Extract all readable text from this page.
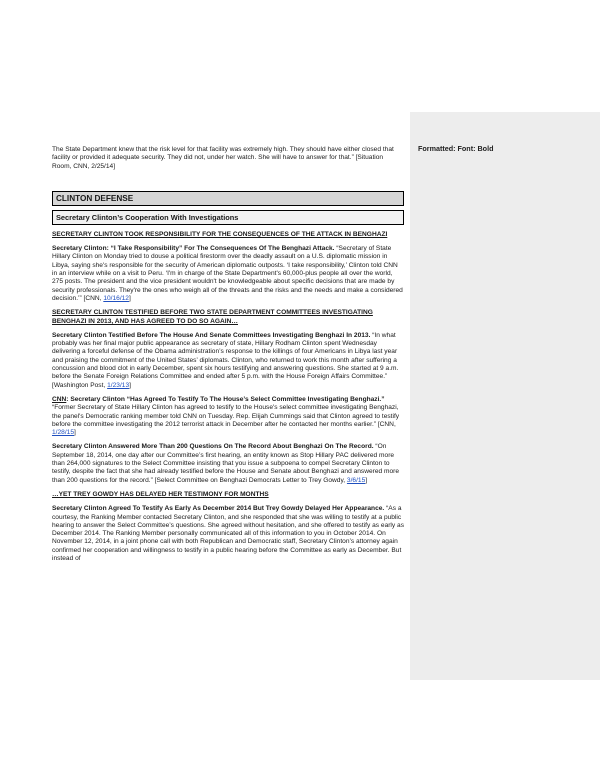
The State Department knew that the risk level for that facility was extremely high. They should have either closed that facility or provided it adequate security. They did not, under her watch. She will have to answer for that.” [Situation Room, CNN, 2/25/14]

CLINTON DEFENSE
Secretary Clinton’s Cooperation With Investigations

SECRETARY CLINTON TOOK RESPONSIBILITY FOR THE CONSEQUENCES OF THE ATTACK IN BENGHAZI

Secretary Clinton: “I Take Responsibility” For The Consequences Of The Benghazi Attack. “Secretary of State Hillary Clinton on Monday tried to douse a political firestorm over the deadly assault on a U.S. diplomatic mission in Libya, saying she's responsible for the security of American diplomatic outposts. ‘I take responsibility,’ Clinton told CNN in an interview while on a visit to Peru. ‘I'm in charge of the State Department's 60,000-plus people all over the world, 275 posts. The president and the vice president wouldn't be knowledgeable about specific decisions that are made by security professionals. They're the ones who weigh all of the threats and the risks and the needs and make a considered decision.’” [CNN, 10/16/12]

SECRETARY CLINTON TESTIFIED BEFORE TWO STATE DEPARTMENT COMMITTEES INVESTIGATING BENGHAZI IN 2013, AND HAS AGREED TO DO SO AGAIN…

Secretary Clinton Testified Before The House And Senate Committees Investigating Benghazi In 2013. “In what probably was her final major public appearance as secretary of state, Hillary Rodham Clinton spent Wednesday delivering a forceful defense of the Obama administration’s response to the killings of four Americans in Libya last year and praising the commitment of the United States’ diplomats. Clinton, who returned to work this month after suffering a concussion and blood clot in early December, spent six hours testifying and answering questions. She started at 9 a.m. before the Senate Foreign Relations Committee and ended after 5 p.m. with the House Foreign Affairs Committee.” [Washington Post, 1/23/13]

CNN: Secretary Clinton “Has Agreed To Testify To The House’s Select Committee Investigating Benghazi.” “Former Secretary of State Hillary Clinton has agreed to testify to the House's select committee investigating Benghazi, the panel's Democratic ranking member told CNN on Tuesday. Rep. Elijah Cummings said that Clinton agreed to testify before the committee investigating the 2012 terrorist attack in December after he contacted her months earlier.” [CNN, 1/28/15]

Secretary Clinton Answered More Than 200 Questions On The Record About Benghazi On The Record. “On September 18, 2014, one day after our Committee’s first hearing, an entity known as Stop Hillary PAC delivered more than 264,000 signatures to the Select Committee insisting that you issue a subpoena to compel Secretary Clinton to testify, despite the fact that she had already testified before the House and Senate about Benghazi and answered more than 200 questions for the record.” [Select Committee on Benghazi Democrats Letter to Trey Gowdy, 3/6/15]

…YET TREY GOWDY HAS DELAYED HER TESTIMONY FOR MONTHS

Secretary Clinton Agreed To Testify As Early As December 2014 But Trey Gowdy Delayed Her Appearance. “As a courtesy, the Ranking Member contacted Secretary Clinton, and she responded that she was willing to testify at a public hearing to answer the Select Committee’s questions. She agreed without hesitation, and she offered to testify as early as December 2014. The Ranking Member personally communicated all of this information to you in October 2014. On November 12, 2014, in a joint phone call with both Republican and Democratic staff, Secretary Clinton’s attorney again confirmed her cooperation and willingness to testify in a public hearing before the Committee as early as December. But instead of

Formatted: Font: Bold
